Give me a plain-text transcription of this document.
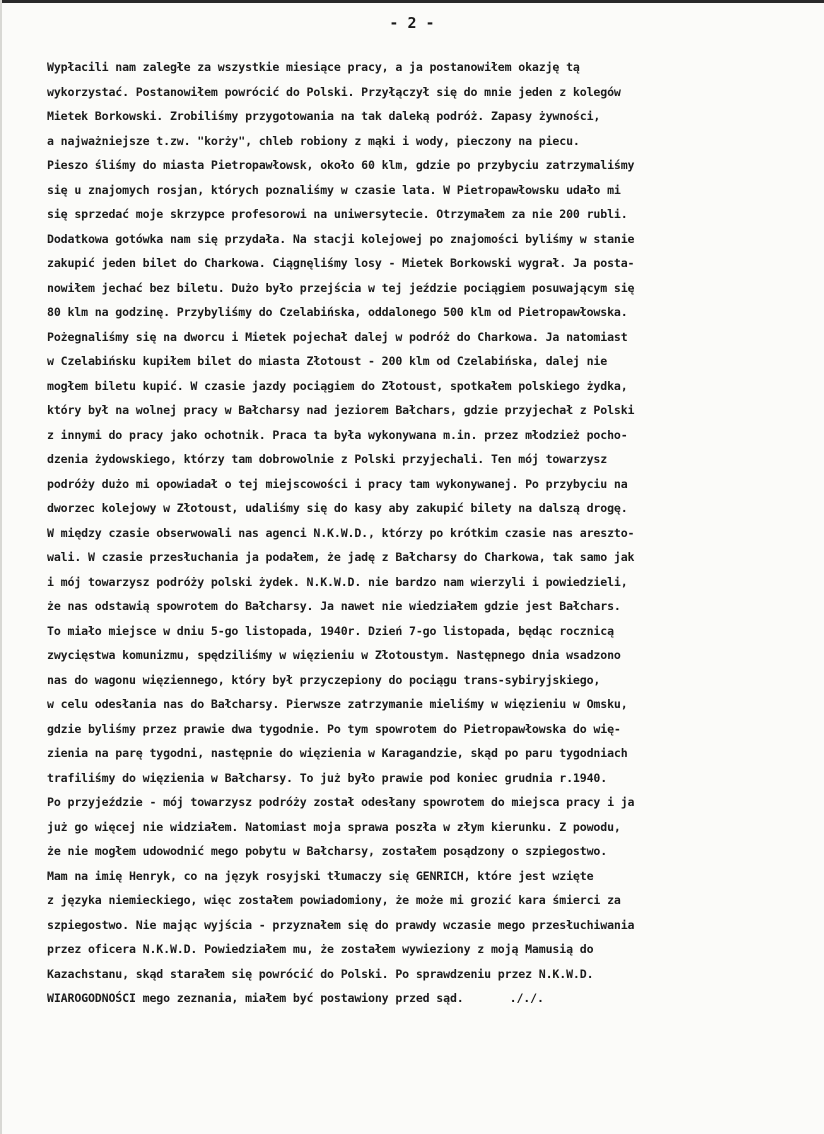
- 2 -
Wypłacili nam zaległe za wszystkie miesiące pracy, a ja postanowiłem okazję tą
wykorzystać. Postanowiłem powrócić do Polski. Przyłączył się do mnie jeden z kolegów
Mietek Borkowski. Zrobiliśmy przygotowania na tak daleką podróż. Zapasy żywności,
a najważniejsze t.zw. "korży", chleb robiony z mąki i wody, pieczony na piecu.
Pieszo śliśmy do miasta Pietropawłowsk, około 60 klm, gdzie po przybyciu zatrzymaliśmy
się u znajomych rosjan, których poznaliśmy w czasie lata. W Pietropawłowsku udało mi
się sprzedać moje skrzypce profesorowi na uniwersytecie. Otrzymałem za nie 200 rubli.
Dodatkowa gotówka nam się przydała. Na stacji kolejowej po znajomości byliśmy w stanie
zakupić jeden bilet do Charkowa. Ciągnęliśmy losy - Mietek Borkowski wygrał. Ja posta-
nowiłem jechać bez biletu. Dużo było przejścia w tej jeździe pociągiem posuwającym się
80 klm na godzinę. Przybyliśmy do Czelabińska, oddalonego 500 klm od Pietropawłowska.
Pożegnaliśmy się na dworcu i Mietek pojechał dalej w podróż do Charkowa. Ja natomiast
w Czelabińsku kupiłem bilet do miasta Złotoust - 200 klm od Czelabińska, dalej nie
mogłem biletu kupić. W czasie jazdy pociągiem do Złotoust, spotkałem polskiego żydka,
który był na wolnej pracy w Bałcharsy nad jeziorem Bałchars, gdzie przyjechał z Polski
z innymi do pracy jako ochotnik. Praca ta była wykonywana m.in. przez młodzież pocho-
dzenia żydowskiego, którzy tam dobrowolnie z Polski przyjechali. Ten mój towarzysz
podróży dużo mi opowiadał o tej miejscowości i pracy tam wykonywanej. Po przybyciu na
dworzec kolejowy w Złotoust, udaliśmy się do kasy aby zakupić bilety na dalszą drogę.
W między czasie obserwowali nas agenci N.K.W.D., którzy po krótkim czasie nas areszto-
wali. W czasie przesłuchania ja podałem, że jadę z Bałcharsy do Charkowa, tak samo jak
i mój towarzysz podróży polski żydek. N.K.W.D. nie bardzo nam wierzyli i powiedzieli,
że nas odstawią spowrotem do Bałcharsy. Ja nawet nie wiedziałem gdzie jest Bałchars.
To miało miejsce w dniu 5-go listopada, 1940r. Dzień 7-go listopada, będąc rocznicą
zwycięstwa komunizmu, spędziliśmy w więzieniu w Złotoustym. Następnego dnia wsadzono
nas do wagonu więziennego, który był przyczepiony do pociągu trans-sybiryjskiego,
w celu odesłania nas do Bałcharsy. Pierwsze zatrzymanie mieliśmy w więzieniu w Omsku,
gdzie byliśmy przez prawie dwa tygodnie. Po tym spowrotem do Pietropawłowska do wię-
zienia na parę tygodni, następnie do więzienia w Karagandzie, skąd po paru tygodniach
trafiliśmy do więzienia w Bałcharsy. To już było prawie pod koniec grudnia r.1940.
Po przyjeździe - mój towarzysz podróży został odesłany spowrotem do miejsca pracy i ja
już go więcej nie widziałem. Natomiast moja sprawa poszła w złym kierunku. Z powodu,
że nie mogłem udowodnić mego pobytu w Bałcharsy, zostałem posądzony o szpiegostwo.
Mam na imię Henryk, co na język rosyjski tłumaczy się GENRICH, które jest wzięte
z języka niemieckiego, więc zostałem powiadomiony, że może mi grozić kara śmierci za
szpiegostwo. Nie mając wyjścia - przyznałem się do prawdy wczasie mego przesłuchiwania
przez oficera N.K.W.D. Powiedziałem mu, że zostałem wywieziony z moją Mamusią do
Kazachstanu, skąd starałem się powrócić do Polski. Po sprawdzeniu przez N.K.W.D.
WIAROGODNOŚCI mego zeznania, miałem być postawiony przed sąd.	././.
